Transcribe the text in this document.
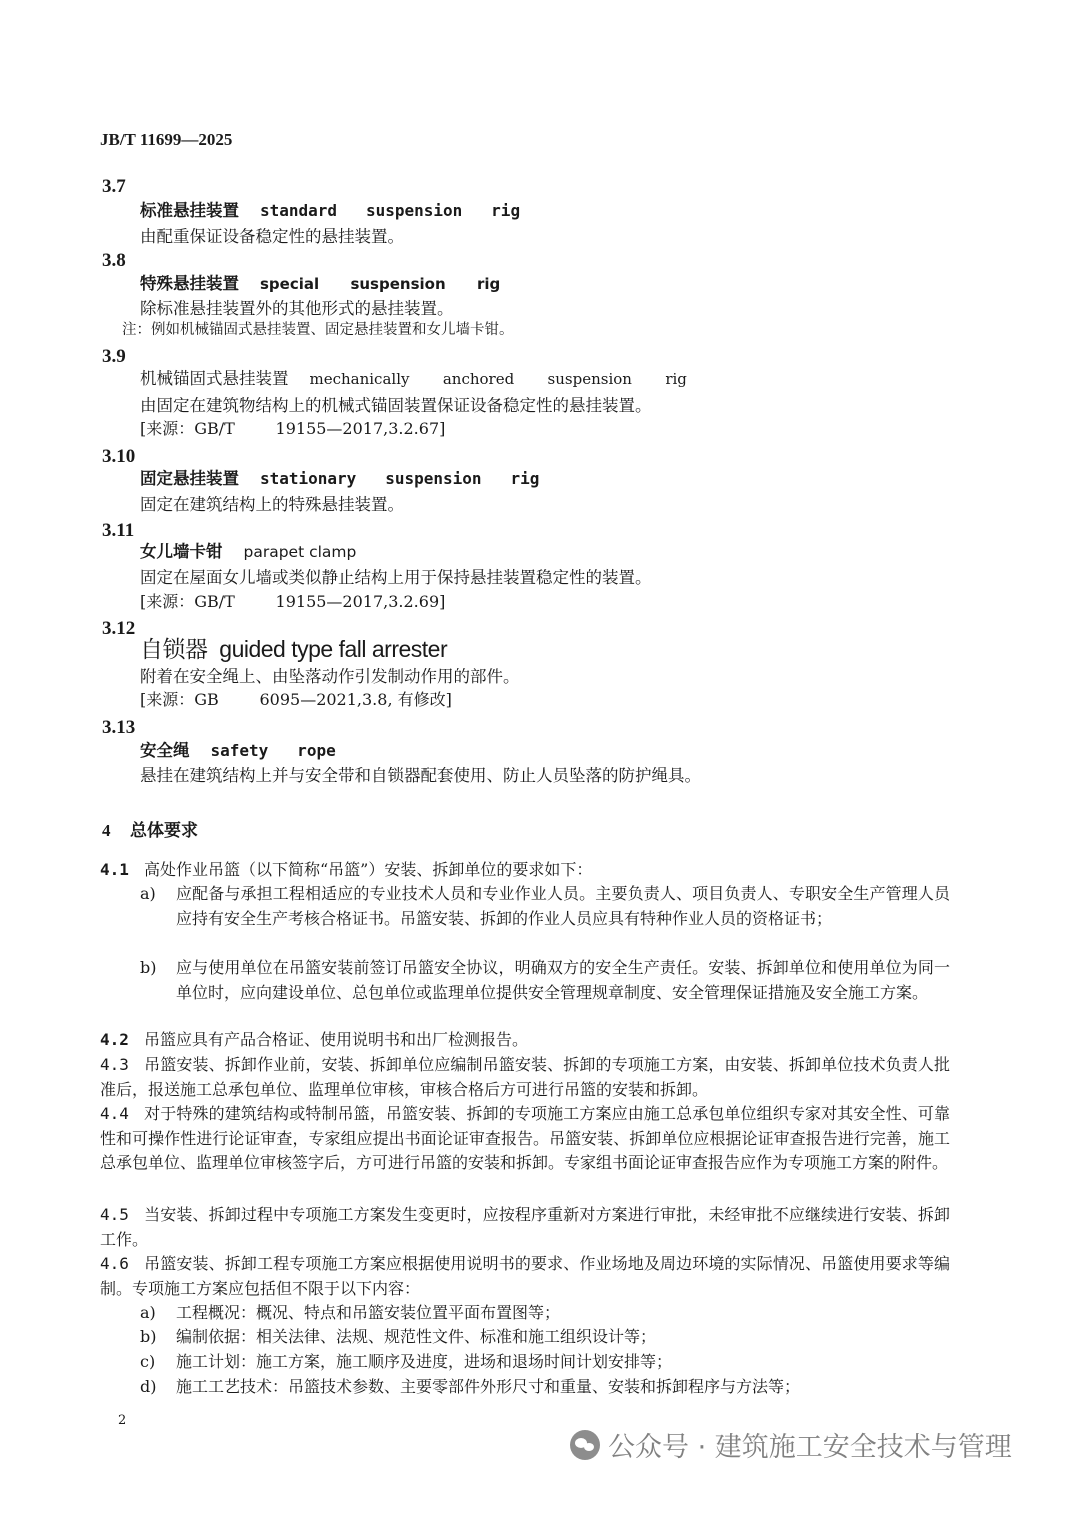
JB/T 11699—2025
3.7
标准悬挂装置 standard   suspension   rig
由配重保证设备稳定性的悬挂装置。
3.8
特殊悬挂装置 special      suspension      rig
除标准悬挂装置外的其他形式的悬挂装置。
注：例如机械锚固式悬挂装置、固定悬挂装置和女儿墙卡钳。
3.9
机械锚固式悬挂装置 mechanically       anchored       suspension       rig
由固定在建筑物结构上的机械式锚固装置保证设备稳定性的悬挂装置。
[来源：GB/T        19155—2017,3.2.67]
3.10
固定悬挂装置 stationary   suspension   rig
固定在建筑结构上的特殊悬挂装置。
3.11
女儿墙卡钳 parapet clamp
固定在屋面女儿墙或类似静止结构上用于保持悬挂装置稳定性的装置。
[来源：GB/T        19155—2017,3.2.69]
3.12
自锁器 guided type fall arrester
附着在安全绳上、由坠落动作引发制动作用的部件。
[来源：GB        6095—2021,3.8, 有修改]
3.13
安全绳 safety   rope
悬挂在建筑结构上并与安全带和自锁器配套使用、防止人员坠落的防护绳具。
4 总体要求
4.1 高处作业吊篮（以下简称“吊篮”）安装、拆卸单位的要求如下：
a)	应配备与承担工程相适应的专业技术人员和专业作业人员。主要负责人、项目负责人、专职安全生产管理人员应持有安全生产考核合格证书。吊篮安装、拆卸的作业人员应具有特种作业人员的资格证书；
b)	应与使用单位在吊篮安装前签订吊篮安全协议，明确双方的安全生产责任。安装、拆卸单位和使用单位为同一单位时，应向建设单位、总包单位或监理单位提供安全管理规章制度、安全管理保证措施及安全施工方案。
4.2 吊篮应具有产品合格证、使用说明书和出厂检测报告。
4.3 吊篮安装、拆卸作业前，安装、拆卸单位应编制吊篮安装、拆卸的专项施工方案，由安装、拆卸单位技术负责人批准后，报送施工总承包单位、监理单位审核，审核合格后方可进行吊篮的安装和拆卸。
4.4 对于特殊的建筑结构或特制吊篮，吊篮安装、拆卸的专项施工方案应由施工总承包单位组织专家对其安全性、可靠性和可操作性进行论证审查，专家组应提出书面论证审查报告。吊篮安装、拆卸单位应根据论证审查报告进行完善，施工总承包单位、监理单位审核签字后，方可进行吊篮的安装和拆卸。专家组书面论证审查报告应作为专项施工方案的附件。
4.5 当安装、拆卸过程中专项施工方案发生变更时，应按程序重新对方案进行审批，未经审批不应继续进行安装、拆卸工作。
4.6 吊篮安装、拆卸工程专项施工方案应根据使用说明书的要求、作业场地及周边环境的实际情况、吊篮使用要求等编制。专项施工方案应包括但不限于以下内容：
a)	工程概况：概况、特点和吊篮安装位置平面布置图等；
b)	编制依据：相关法律、法规、规范性文件、标准和施工组织设计等；
c)	施工计划：施工方案，施工顺序及进度，进场和退场时间计划安排等；
d)	施工工艺技术：吊篮技术参数、主要零部件外形尺寸和重量、安装和拆卸程序与方法等；
2
公众号 · 建筑施工安全技术与管理
